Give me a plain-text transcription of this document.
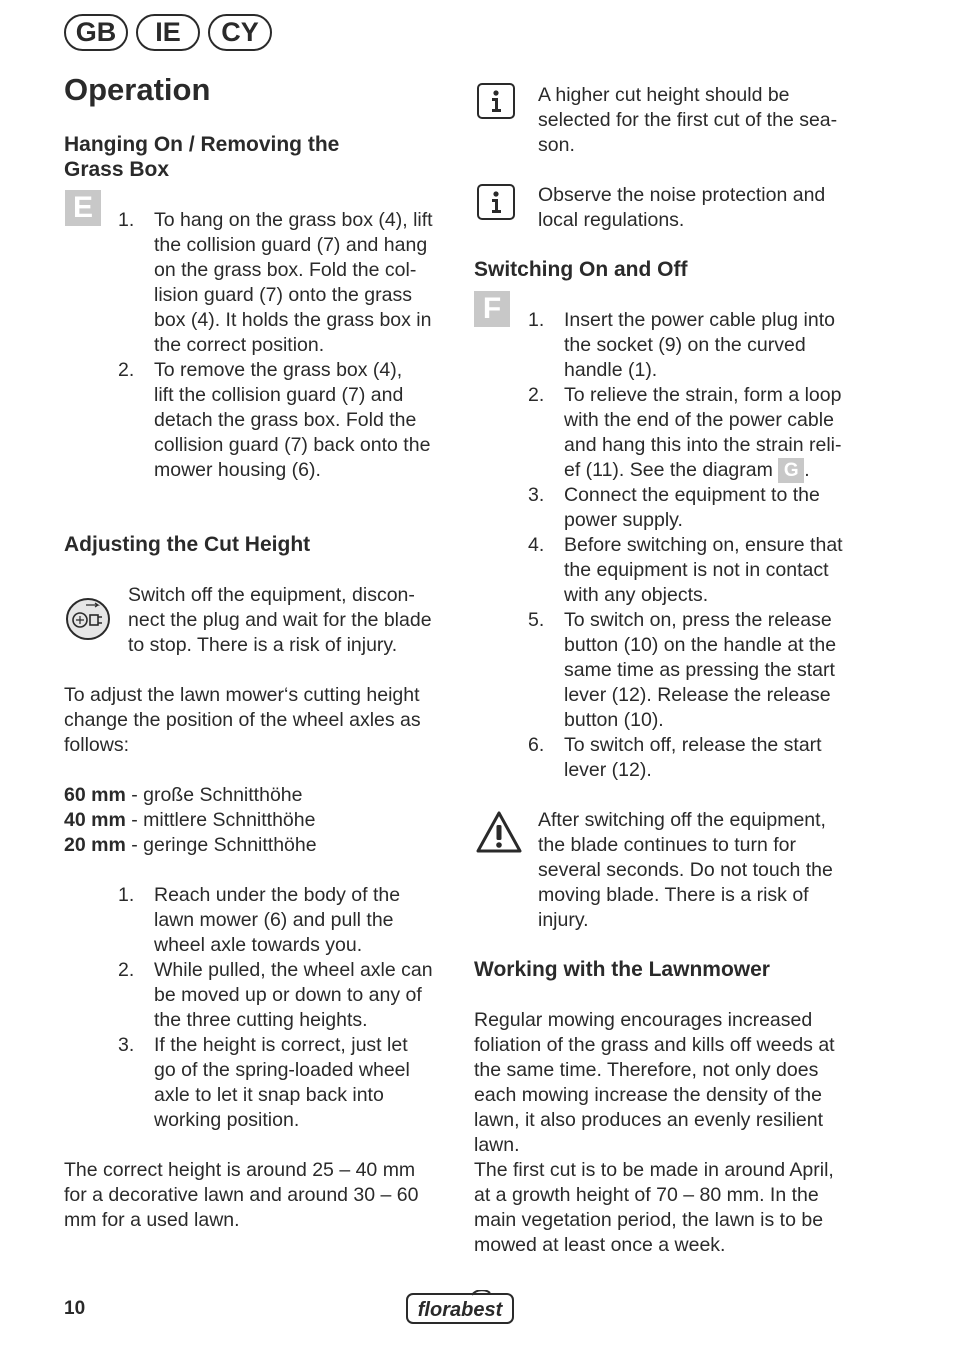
GB	IE	CY
Operation
Hanging On / Removing the
Grass Box
E	1. To hang on the grass box (4), lift
the collision guard (7) and hang
on the grass box. Fold the col-
lision guard (7) onto the grass
box (4). It holds the grass box in
the correct position.
2. To remove the grass box (4),
lift the collision guard (7) and
detach the grass box. Fold the
collision guard (7) back onto the
mower housing (6).
Adjusting the Cut Height
Switch off the equipment, discon-
nect the plug and wait for the blade
to stop. There is a risk of injury.
To adjust the lawn mower‘s cutting height
change the position of the wheel axles as
follows:
60 mm - große Schnitthöhe
40 mm - mittlere Schnitthöhe
20 mm - geringe Schnitthöhe
1. Reach under the body of the
lawn mower (6) and pull the
wheel axle towards you.
2. While pulled, the wheel axle can
be moved up or down to any of
the three cutting heights.
3. If the height is correct, just let
go of the spring-loaded wheel
axle to let it snap back into
working position.
The correct height is around 25 – 40 mm
for a decorative lawn and around 30 – 60
mm for a used lawn.
A higher cut height should be
selected for the first cut of the sea-
son.
Observe the noise protection and
local regulations.
Switching On and Off
F	1. Insert the power cable plug into
the socket (9) on the curved
handle (1).
2. To relieve the strain, form a loop
with the end of the power cable
and hang this into the strain reli-
ef (11). See the diagram G .
3. Connect the equipment to the
power supply.
4. Before switching on, ensure that
the equipment is not in contact
with any objects.
5. To switch on, press the release
button (10) on the handle at the
same time as pressing the start
lever (12). Release the release
button (10).
6. To switch off, release the start
lever (12).
After switching off the equipment,
the blade continues to turn for
several seconds. Do not touch the
moving blade. There is a risk of
injury.
Working with the Lawnmower
Regular mowing encourages increased
foliation of the grass and kills off weeds at
the same time. Therefore, not only does
each mowing increase the density of the
lawn, it also produces an evenly resilient
lawn.
The first cut is to be made in around April,
at a growth height of 70 – 80 mm. In the
main vegetation period, the lawn is to be
mowed at least once a week.
10	florabest
